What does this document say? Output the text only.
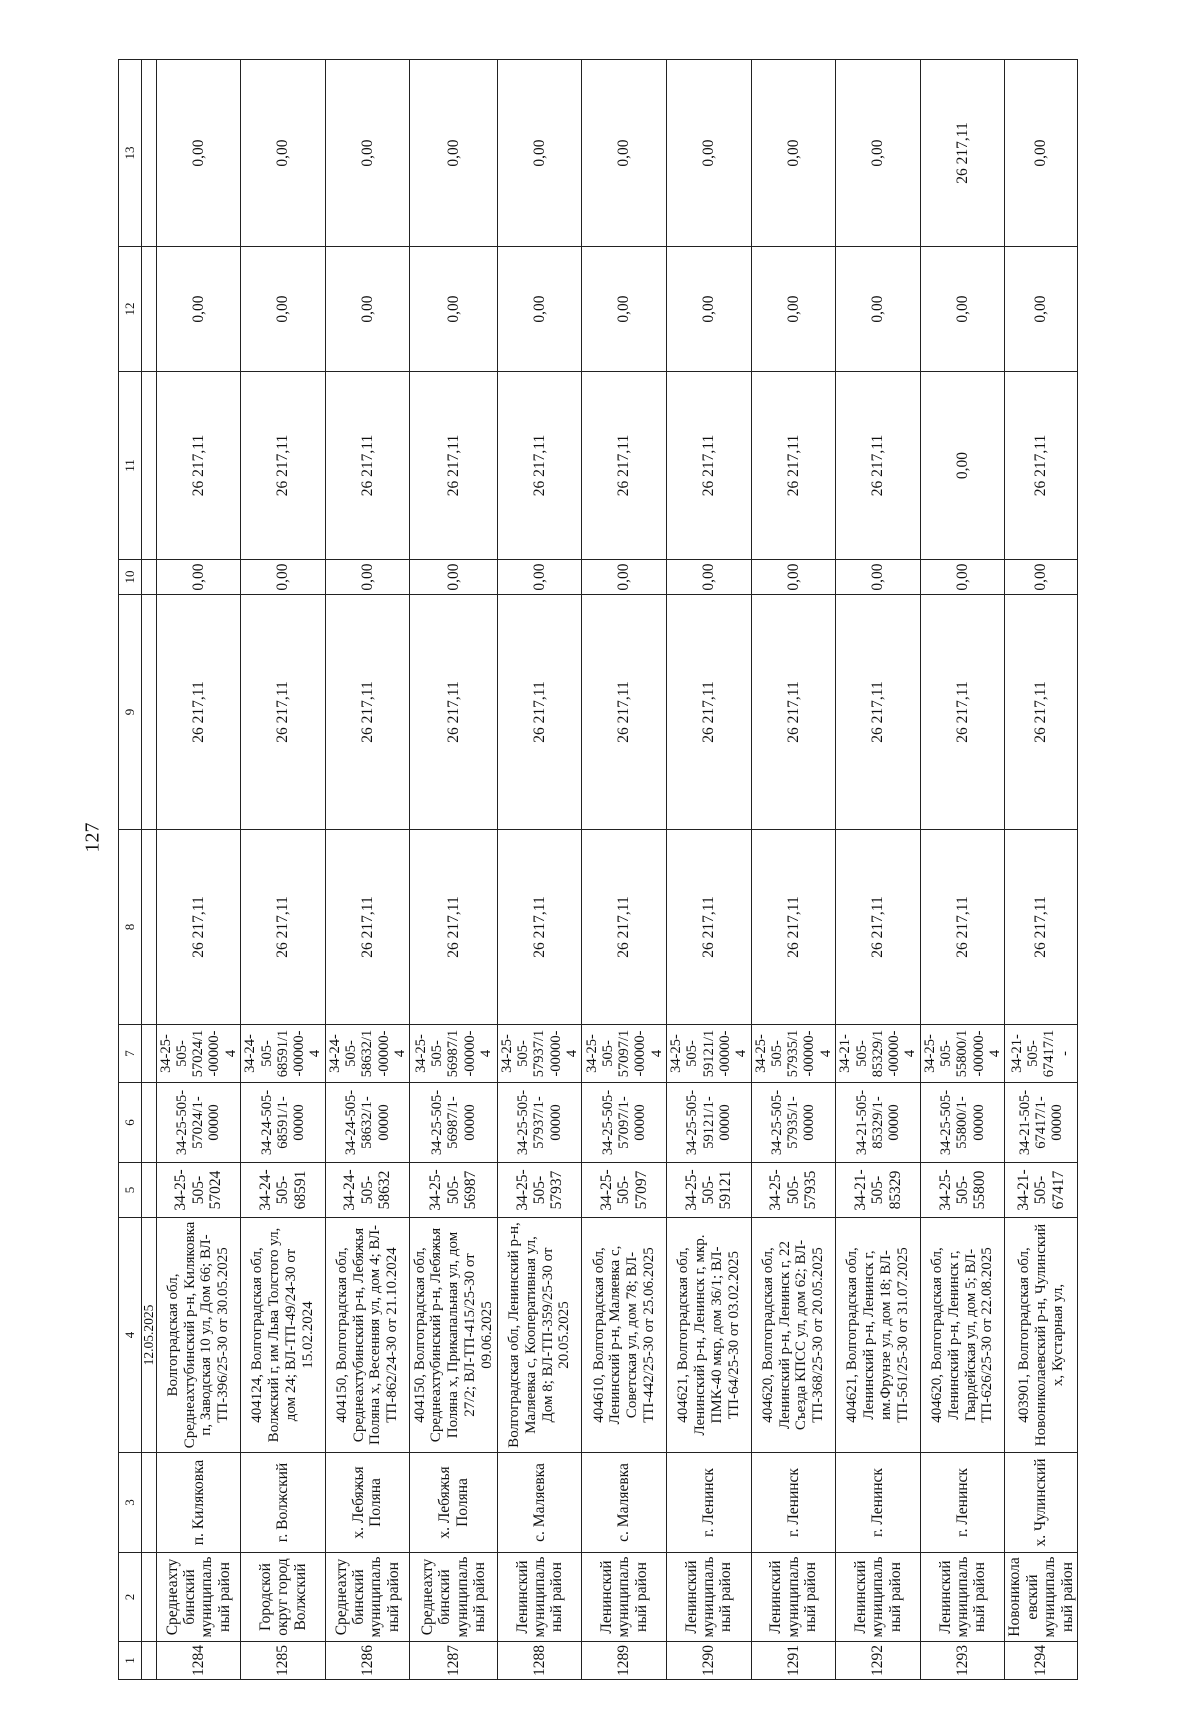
127
1	2	3	4	5	6	7	8	9	10	11	12	13
			12.05.2025									
1284	Среднеахтубинский муниципальный район	п. Киляковка	Волгоградская обл, Среднеахтубинский р-н, Киляковка п, Заводская 10 ул, Дом 66; ВЛ-ТП-396/25-30 от 30.05.2025	34-25-505-57024	34-25-505-57024/1-00000	34-25-505-57024/1-00000-4	26 217,11	26 217,11	0,00	26 217,11	0,00	0,00
1285	Городской округ город Волжский	г. Волжский	404124, Волгоградская обл, Волжский г, им Льва Толстого ул, дом 24; ВЛ-ТП-49/24-30 от 15.02.2024	34-24-505-68591	34-24-505-68591/1-00000	34-24-505-68591/1-00000-4	26 217,11	26 217,11	0,00	26 217,11	0,00	0,00
1286	Среднеахтубинский муниципальный район	х. Лебяжья Поляна	404150, Волгоградская обл, Среднеахтубинский р-н, Лебяжья Поляна х, Весенняя ул, дом 4; ВЛ-ТП-862/24-30 от 21.10.2024	34-24-505-58632	34-24-505-58632/1-00000	34-24-505-58632/1-00000-4	26 217,11	26 217,11	0,00	26 217,11	0,00	0,00
1287	Среднеахтубинский муниципальный район	х. Лебяжья Поляна	404150, Волгоградская обл, Среднеахтубинский р-н, Лебяжья Поляна х, Прикапальная ул, дом 27/2; ВЛ-ТП-415/25-30 от 09.06.2025	34-25-505-56987	34-25-505-56987/1-00000	34-25-505-56987/1-00000-4	26 217,11	26 217,11	0,00	26 217,11	0,00	0,00
1288	Ленинский муниципальный район	с. Маляевка	Волгоградская обл, Ленинский р-н, Маляевка с, Кооперативная ул, Дом 8; ВЛ-ТП-359/25-30 от 20.05.2025	34-25-505-57937	34-25-505-57937/1-00000	34-25-505-57937/1-00000-4	26 217,11	26 217,11	0,00	26 217,11	0,00	0,00
1289	Ленинский муниципальный район	с. Маляевка	404610, Волгоградская обл, Ленинский р-н, Маляевка с, Советская ул, дом 78; ВЛ-ТП-442/25-30 от 25.06.2025	34-25-505-57097	34-25-505-57097/1-00000	34-25-505-57097/1-00000-4	26 217,11	26 217,11	0,00	26 217,11	0,00	0,00
1290	Ленинский муниципальный район	г. Ленинск	404621, Волгоградская обл, Ленинский р-н, Ленинск г, мкр. ПМК-40 мкр, дом 36/1; ВЛ-ТП-64/25-30 от 03.02.2025	34-25-505-59121	34-25-505-59121/1-00000	34-25-505-59121/1-00000-4	26 217,11	26 217,11	0,00	26 217,11	0,00	0,00
1291	Ленинский муниципальный район	г. Ленинск	404620, Волгоградская обл, Ленинский р-н, Ленинск г, 22 Съезда КПСС ул, дом 62; ВЛ-ТП-368/25-30 от 20.05.2025	34-25-505-57935	34-25-505-57935/1-00000	34-25-505-57935/1-00000-4	26 217,11	26 217,11	0,00	26 217,11	0,00	0,00
1292	Ленинский муниципальный район	г. Ленинск	404621, Волгоградская обл, Ленинский р-н, Ленинск г, им.Фрунзе ул, дом 18; ВЛ-ТП-561/25-30 от 31.07.2025	34-21-505-85329	34-21-505-85329/1-00000	34-21-505-85329/1-00000-4	26 217,11	26 217,11	0,00	26 217,11	0,00	0,00
1293	Ленинский муниципальный район	г. Ленинск	404620, Волгоградская обл, Ленинский р-н, Ленинск г, Гвардейская ул, дом 5; ВЛ-ТП-626/25-30 от 22.08.2025	34-25-505-55800	34-25-505-55800/1-00000	34-25-505-55800/1-00000-4	26 217,11	26 217,11	0,00	0,00	0,00	26 217,11
1294	Новониколаевский муниципальный район	х. Чулинский	403901, Волгоградская обл, Новониколаевский р-н, Чулинский х, Кустарная ул,	34-21-505-67417	34-21-505-67417/1-00000	34-21-505-67417/1-	26 217,11	26 217,11	0,00	26 217,11	0,00	0,00
